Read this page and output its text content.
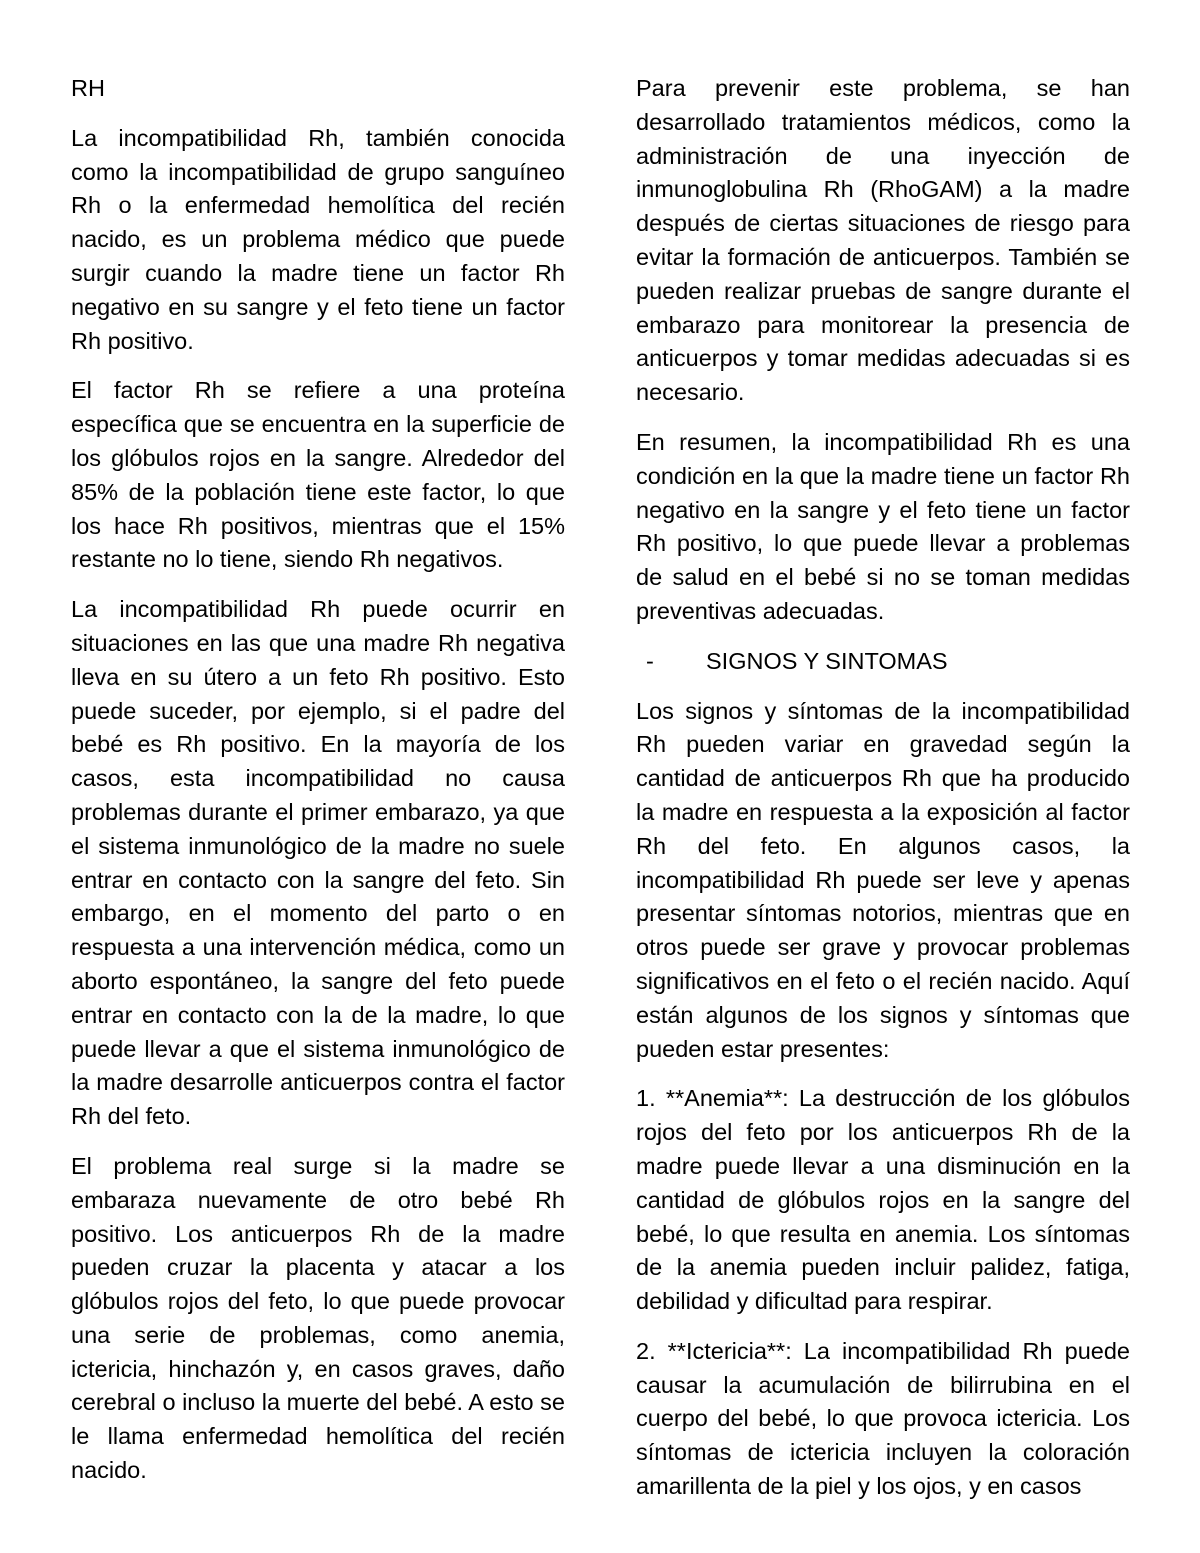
RH

La incompatibilidad Rh, también conocida como la incompatibilidad de grupo sanguíneo Rh o la enfermedad hemolítica del recién nacido, es un problema médico que puede surgir cuando la madre tiene un factor Rh negativo en su sangre y el feto tiene un factor Rh positivo.

El factor Rh se refiere a una proteína específica que se encuentra en la superficie de los glóbulos rojos en la sangre. Alrededor del 85% de la población tiene este factor, lo que los hace Rh positivos, mientras que el 15% restante no lo tiene, siendo Rh negativos.

La incompatibilidad Rh puede ocurrir en situaciones en las que una madre Rh negativa lleva en su útero a un feto Rh positivo. Esto puede suceder, por ejemplo, si el padre del bebé es Rh positivo. En la mayoría de los casos, esta incompatibilidad no causa problemas durante el primer embarazo, ya que el sistema inmunológico de la madre no suele entrar en contacto con la sangre del feto. Sin embargo, en el momento del parto o en respuesta a una intervención médica, como un aborto espontáneo, la sangre del feto puede entrar en contacto con la de la madre, lo que puede llevar a que el sistema inmunológico de la madre desarrolle anticuerpos contra el factor Rh del feto.

El problema real surge si la madre se embaraza nuevamente de otro bebé Rh positivo. Los anticuerpos Rh de la madre pueden cruzar la placenta y atacar a los glóbulos rojos del feto, lo que puede provocar una serie de problemas, como anemia, ictericia, hinchazón y, en casos graves, daño cerebral o incluso la muerte del bebé. A esto se le llama enfermedad hemolítica del recién nacido.

Para prevenir este problema, se han desarrollado tratamientos médicos, como la administración de una inyección de inmunoglobulina Rh (RhoGAM) a la madre después de ciertas situaciones de riesgo para evitar la formación de anticuerpos. También se pueden realizar pruebas de sangre durante el embarazo para monitorear la presencia de anticuerpos y tomar medidas adecuadas si es necesario.

En resumen, la incompatibilidad Rh es una condición en la que la madre tiene un factor Rh negativo en la sangre y el feto tiene un factor Rh positivo, lo que puede llevar a problemas de salud en el bebé si no se toman medidas preventivas adecuadas.

-	SIGNOS Y SINTOMAS

Los signos y síntomas de la incompatibilidad Rh pueden variar en gravedad según la cantidad de anticuerpos Rh que ha producido la madre en respuesta a la exposición al factor Rh del feto. En algunos casos, la incompatibilidad Rh puede ser leve y apenas presentar síntomas notorios, mientras que en otros puede ser grave y provocar problemas significativos en el feto o el recién nacido. Aquí están algunos de los signos y síntomas que pueden estar presentes:

1. **Anemia**: La destrucción de los glóbulos rojos del feto por los anticuerpos Rh de la madre puede llevar a una disminución en la cantidad de glóbulos rojos en la sangre del bebé, lo que resulta en anemia. Los síntomas de la anemia pueden incluir palidez, fatiga, debilidad y dificultad para respirar.

2. **Ictericia**: La incompatibilidad Rh puede causar la acumulación de bilirrubina en el cuerpo del bebé, lo que provoca ictericia. Los síntomas de ictericia incluyen la coloración amarillenta de la piel y los ojos, y en casos
